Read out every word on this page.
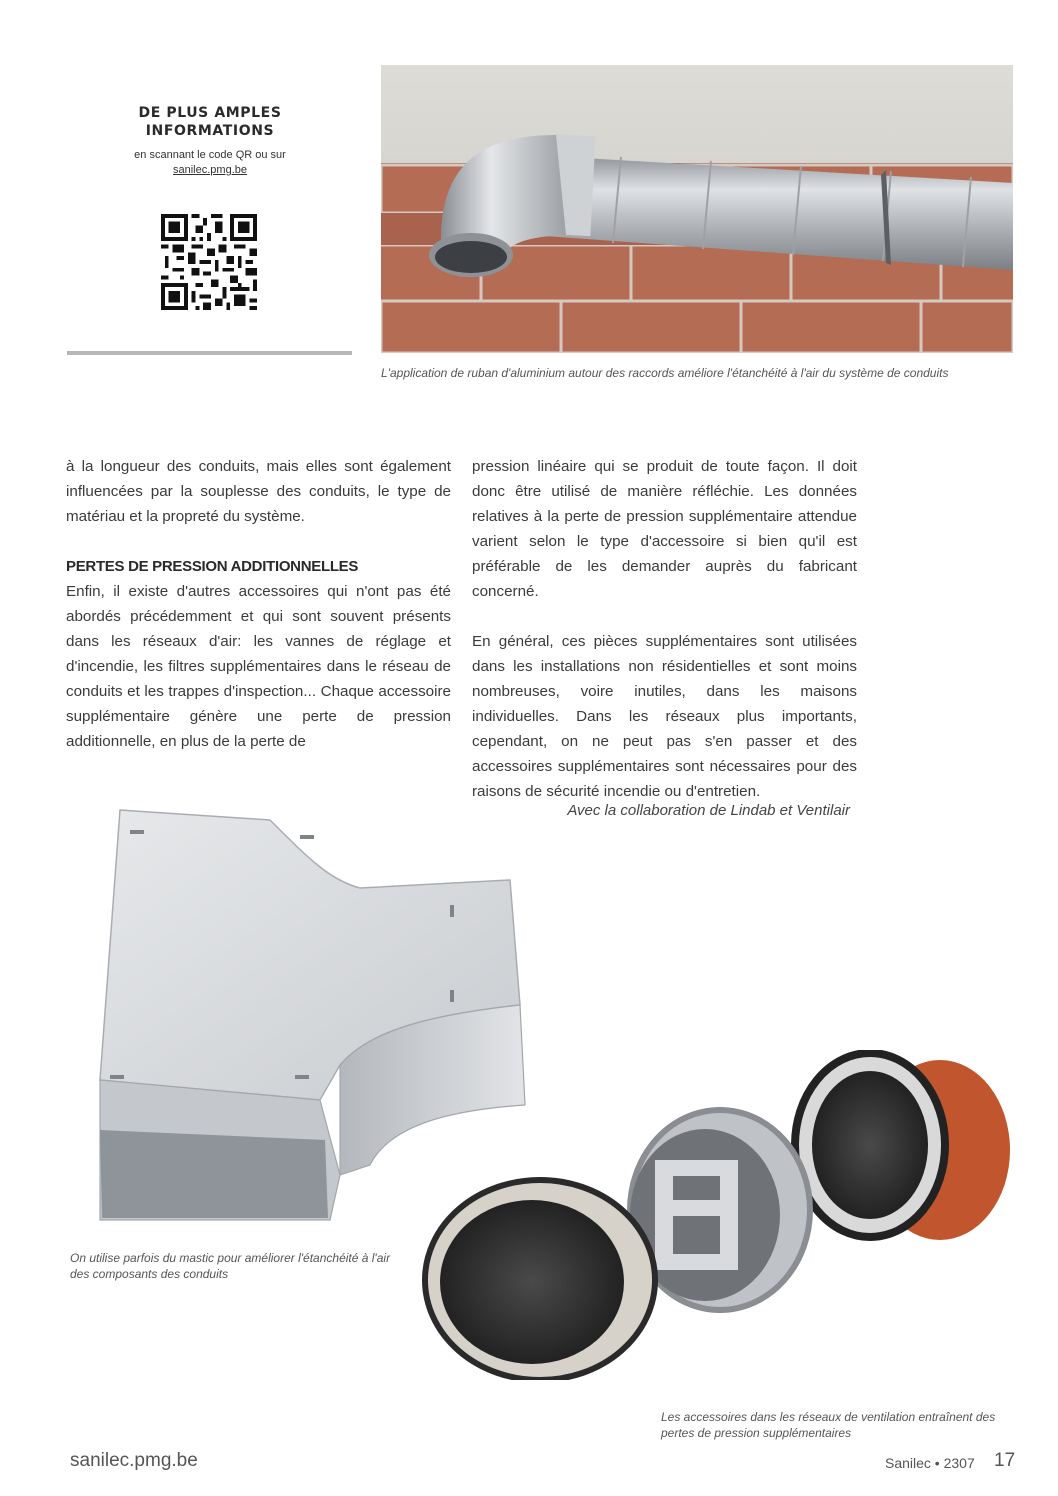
DE PLUS AMPLES
INFORMATIONS
en scannant le code QR ou sur
sanilec.pmg.be
L'application de ruban d'aluminium autour des raccords améliore l'étanchéité à l'air du système de conduits

à la longueur des conduits, mais elles sont également influencées par la souplesse des conduits, le type de matériau et la propreté du système.

PERTES DE PRESSION ADDITIONNELLES

Enfin, il existe d'autres accessoires qui n'ont pas été abordés précédemment et qui sont souvent présents dans les réseaux d'air: les vannes de réglage et d'incendie, les filtres supplémentaires dans le réseau de conduits et les trappes d'inspection... Chaque accessoire supplémentaire génère une perte de pression additionnelle, en plus de la perte de

pression linéaire qui se produit de toute façon. Il doit donc être utilisé de manière réfléchie. Les données relatives à la perte de pression supplémentaire attendue varient selon le type d'accessoire si bien qu'il est préférable de les demander auprès du fabricant concerné.

En général, ces pièces supplémentaires sont utilisées dans les installations non résidentielles et sont moins nombreuses, voire inutiles, dans les maisons individuelles. Dans les réseaux plus importants, cependant, on ne peut pas s'en passer et des accessoires supplémentaires sont nécessaires pour des raisons de sécurité incendie ou d'entretien.

Avec la collaboration de Lindab et Ventilair
On utilise parfois du mastic pour améliorer l'étanchéité à l'air des composants des conduits
Les accessoires dans les réseaux de ventilation entraînent des pertes de pression supplémentaires
sanilec.pmg.be	Sanilec • 2307 17
